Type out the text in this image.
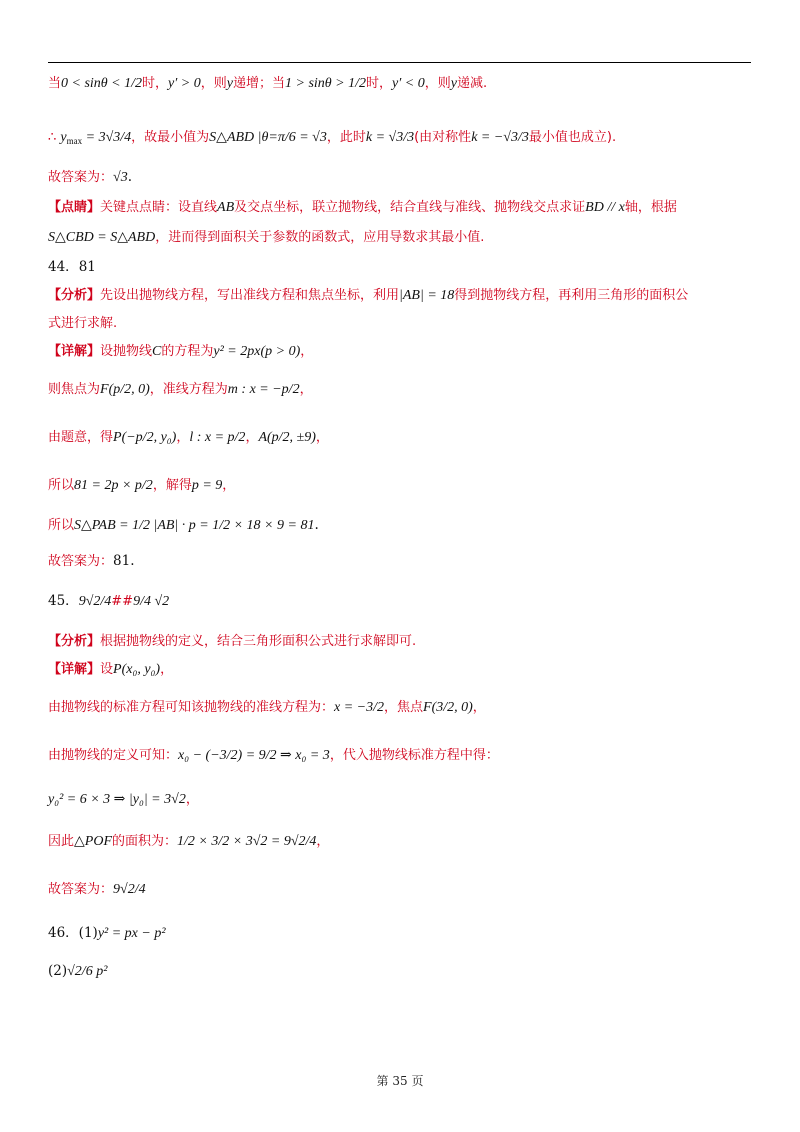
当0 < sinθ < 1/2时，y′ > 0，则y递增；当1 > sinθ > 1/2时，y′ < 0，则y递减.
∴ $y_{max} = 3√3/4$，故最小值为S△ABD |θ=π/6 = √3，此时k = √3/3(由对称性k = −√3/3最小值也成立).
故答案为：√3.
【点睛】关键点点睛：设直线AB及交点坐标，联立抛物线，结合直线与准线、抛物线交点求证BD // x轴，根据
S△CBD = S△ABD，进而得到面积关于参数的函数式，应用导数求其最小值.
44．81
【分析】先设出抛物线方程，写出准线方程和焦点坐标，利用|AB| = 18得到抛物线方程，再利用三角形的面积公
式进行求解.
【详解】设抛物线C的方程为y² = 2px(p > 0)，
则焦点为F(p/2, 0)，准线方程为m : x = −p/2，
由题意，得P(−p/2, y₀)，l : x = p/2，A(p/2, ±9)，
所以81 = 2p × p/2，解得p = 9，
所以S△PAB = 1/2 |AB| · p = 1/2 × 18 × 9 = 81.
故答案为：81.
45．9√2/4##9/4 √2
【分析】根据抛物线的定义，结合三角形面积公式进行求解即可.
【详解】设P(x₀, y₀)，
由抛物线的标准方程可知该抛物线的准线方程为：x = −3/2，焦点F(3/2, 0)，
由抛物线的定义可知：x₀ − (−3/2) = 9/2 ⇒ x₀ = 3，代入抛物线标准方程中得：
y₀² = 6 × 3 ⇒ |y₀| = 3√2，
因此△POF的面积为：1/2 × 3/2 × 3√2 = 9√2/4，
故答案为：9√2/4
46．(1)y² = px − p²
(2)√2/6 p²
第 35 页
